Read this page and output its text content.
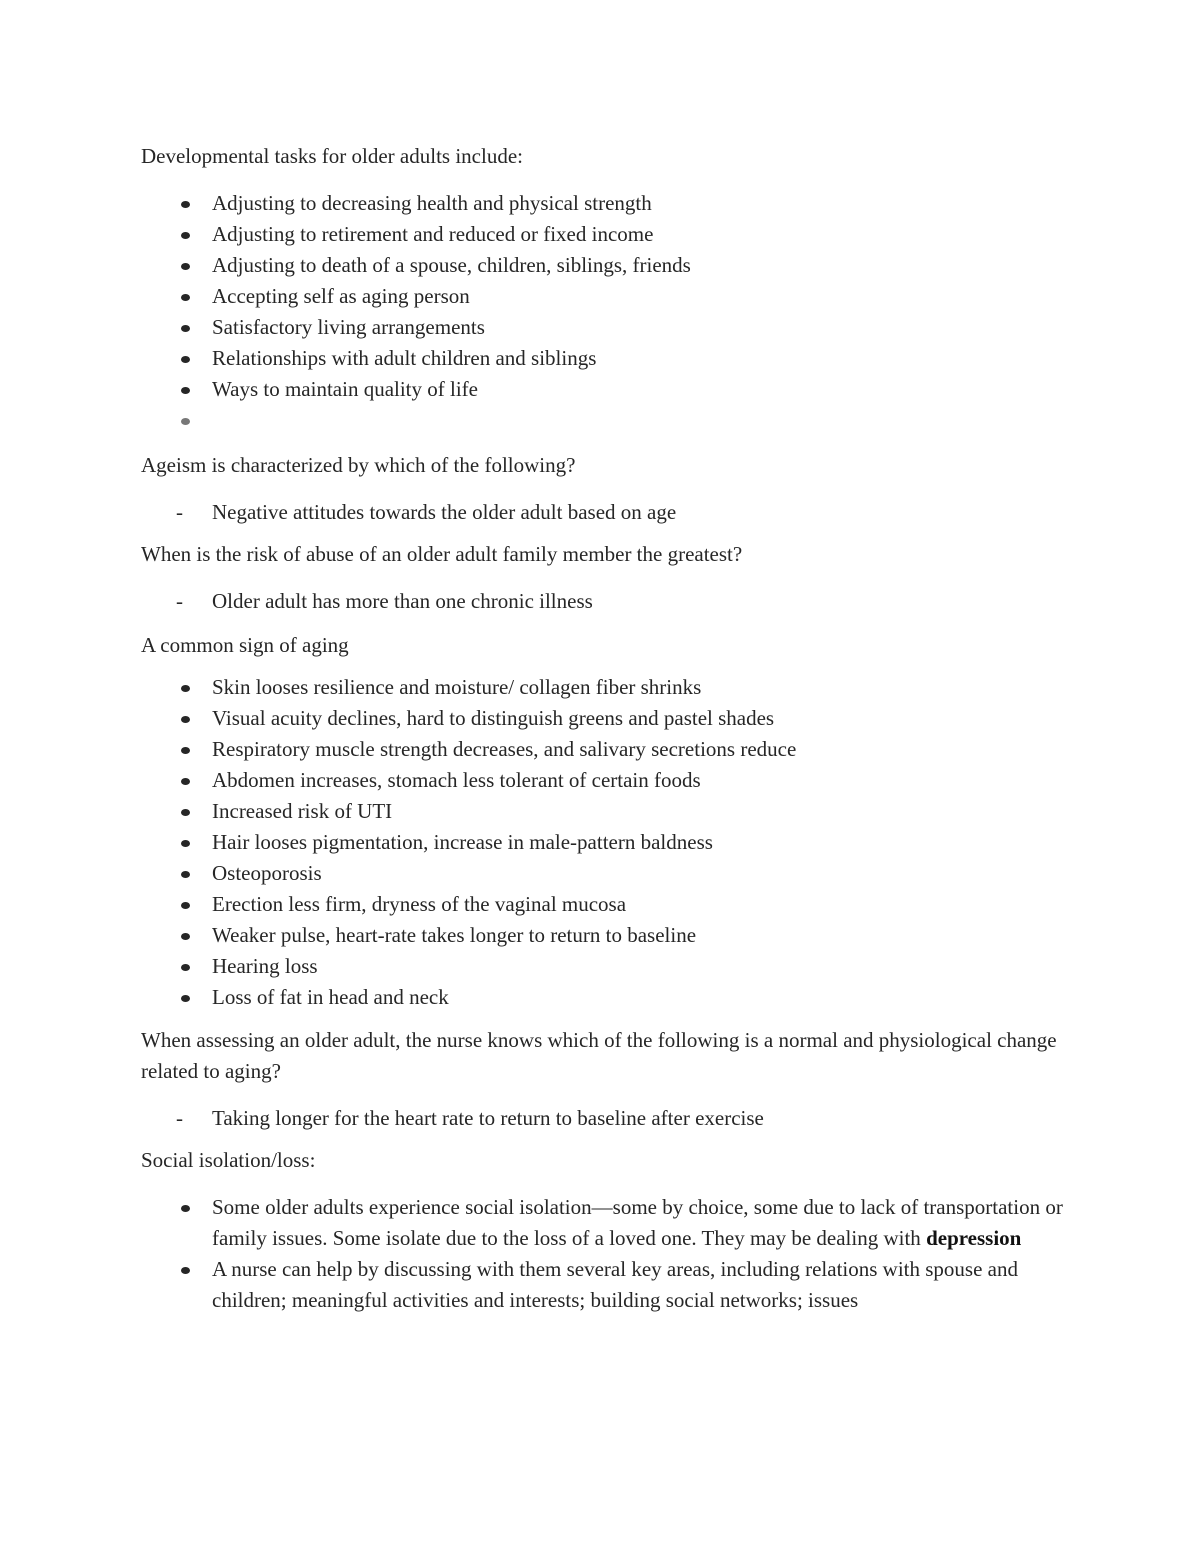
Developmental tasks for older adults include:

Adjusting to decreasing health and physical strength
Adjusting to retirement and reduced or fixed income
Adjusting to death of a spouse, children, siblings, friends
Accepting self as aging person
Satisfactory living arrangements
Relationships with adult children and siblings
Ways to maintain quality of life

Ageism is characterized by which of the following?

- Negative attitudes towards the older adult based on age

When is the risk of abuse of an older adult family member the greatest?

- Older adult has more than one chronic illness

A common sign of aging

Skin looses resilience and moisture/ collagen fiber shrinks
Visual acuity declines, hard to distinguish greens and pastel shades
Respiratory muscle strength decreases, and salivary secretions reduce
Abdomen increases, stomach less tolerant of certain foods
Increased risk of UTI
Hair looses pigmentation, increase in male-pattern baldness
Osteoporosis
Erection less firm, dryness of the vaginal mucosa
Weaker pulse, heart-rate takes longer to return to baseline
Hearing loss
Loss of fat in head and neck

When assessing an older adult, the nurse knows which of the following is a normal and physiological change related to aging?

- Taking longer for the heart rate to return to baseline after exercise

Social isolation/loss:

Some older adults experience social isolation—some by choice, some due to lack of transportation or family issues. Some isolate due to the loss of a loved one. They may be dealing with depression
A nurse can help by discussing with them several key areas, including relations with spouse and children; meaningful activities and interests; building social networks; issues
